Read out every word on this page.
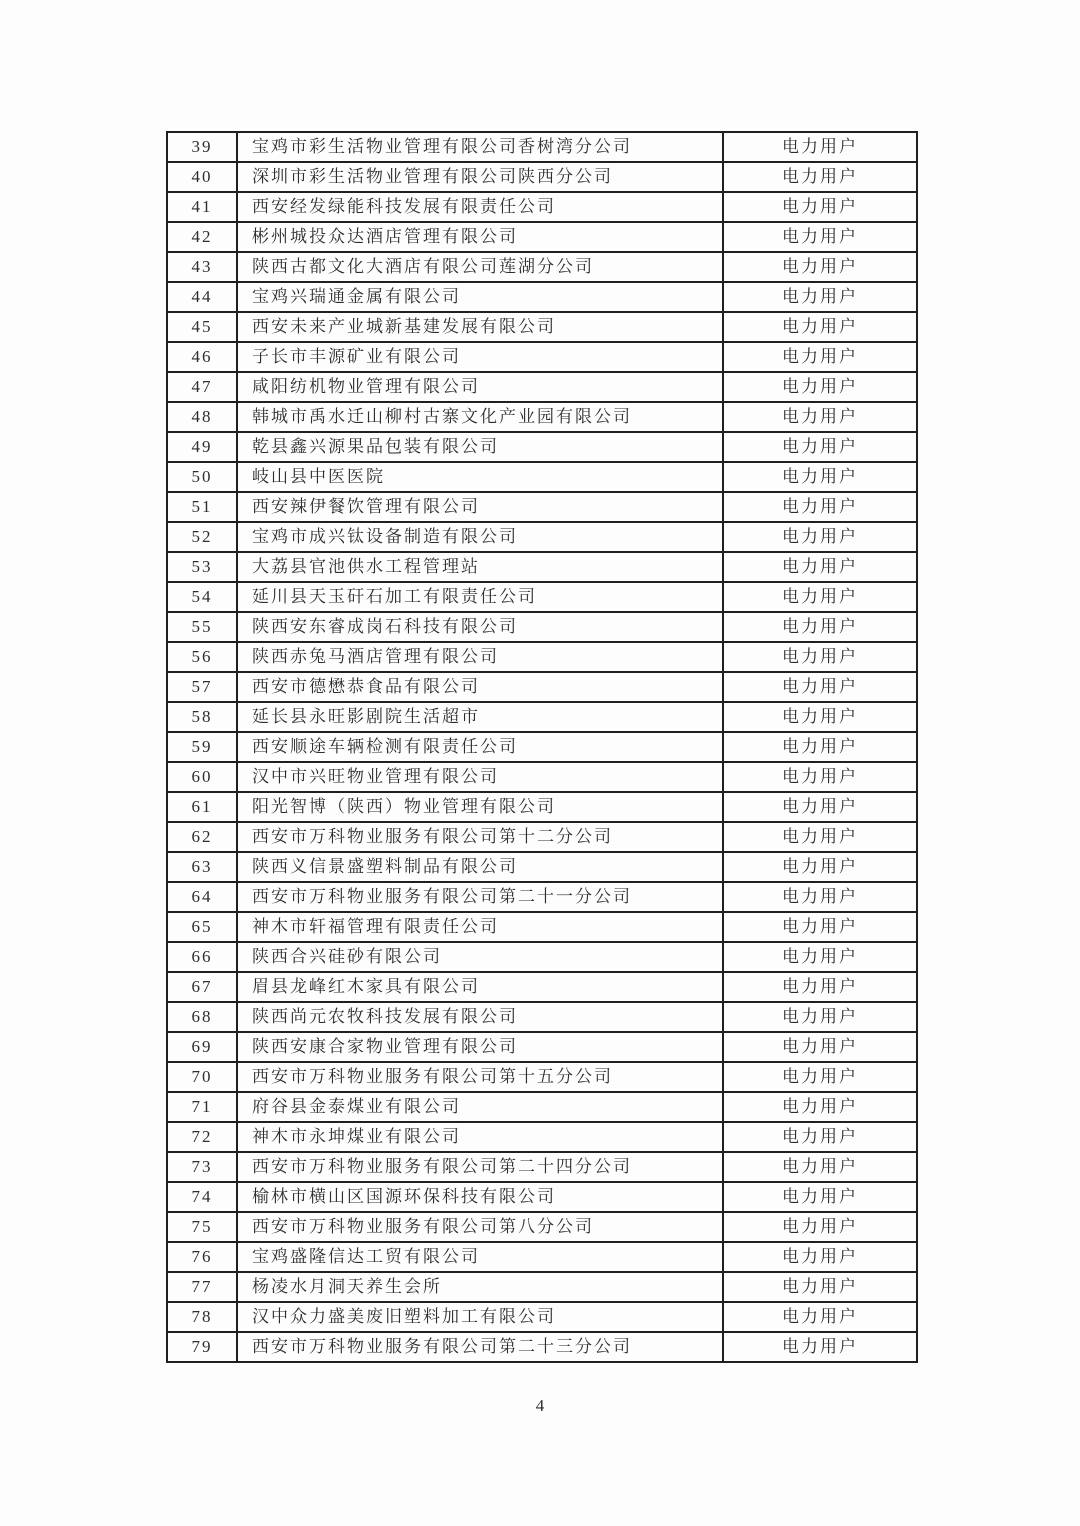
39	宝鸡市彩生活物业管理有限公司香树湾分公司	电力用户
40	深圳市彩生活物业管理有限公司陕西分公司	电力用户
41	西安经发绿能科技发展有限责任公司	电力用户
42	彬州城投众达酒店管理有限公司	电力用户
43	陕西古都文化大酒店有限公司莲湖分公司	电力用户
44	宝鸡兴瑞通金属有限公司	电力用户
45	西安未来产业城新基建发展有限公司	电力用户
46	子长市丰源矿业有限公司	电力用户
47	咸阳纺机物业管理有限公司	电力用户
48	韩城市禹水迁山柳村古寨文化产业园有限公司	电力用户
49	乾县鑫兴源果品包装有限公司	电力用户
50	岐山县中医医院	电力用户
51	西安辣伊餐饮管理有限公司	电力用户
52	宝鸡市成兴钛设备制造有限公司	电力用户
53	大荔县官池供水工程管理站	电力用户
54	延川县天玉矸石加工有限责任公司	电力用户
55	陕西安东睿成岗石科技有限公司	电力用户
56	陕西赤兔马酒店管理有限公司	电力用户
57	西安市德懋恭食品有限公司	电力用户
58	延长县永旺影剧院生活超市	电力用户
59	西安顺途车辆检测有限责任公司	电力用户
60	汉中市兴旺物业管理有限公司	电力用户
61	阳光智博（陕西）物业管理有限公司	电力用户
62	西安市万科物业服务有限公司第十二分公司	电力用户
63	陕西义信景盛塑料制品有限公司	电力用户
64	西安市万科物业服务有限公司第二十一分公司	电力用户
65	神木市轩福管理有限责任公司	电力用户
66	陕西合兴硅砂有限公司	电力用户
67	眉县龙峰红木家具有限公司	电力用户
68	陕西尚元农牧科技发展有限公司	电力用户
69	陕西安康合家物业管理有限公司	电力用户
70	西安市万科物业服务有限公司第十五分公司	电力用户
71	府谷县金泰煤业有限公司	电力用户
72	神木市永坤煤业有限公司	电力用户
73	西安市万科物业服务有限公司第二十四分公司	电力用户
74	榆林市横山区国源环保科技有限公司	电力用户
75	西安市万科物业服务有限公司第八分公司	电力用户
76	宝鸡盛隆信达工贸有限公司	电力用户
77	杨凌水月洞天养生会所	电力用户
78	汉中众力盛美废旧塑料加工有限公司	电力用户
79	西安市万科物业服务有限公司第二十三分公司	电力用户
4
